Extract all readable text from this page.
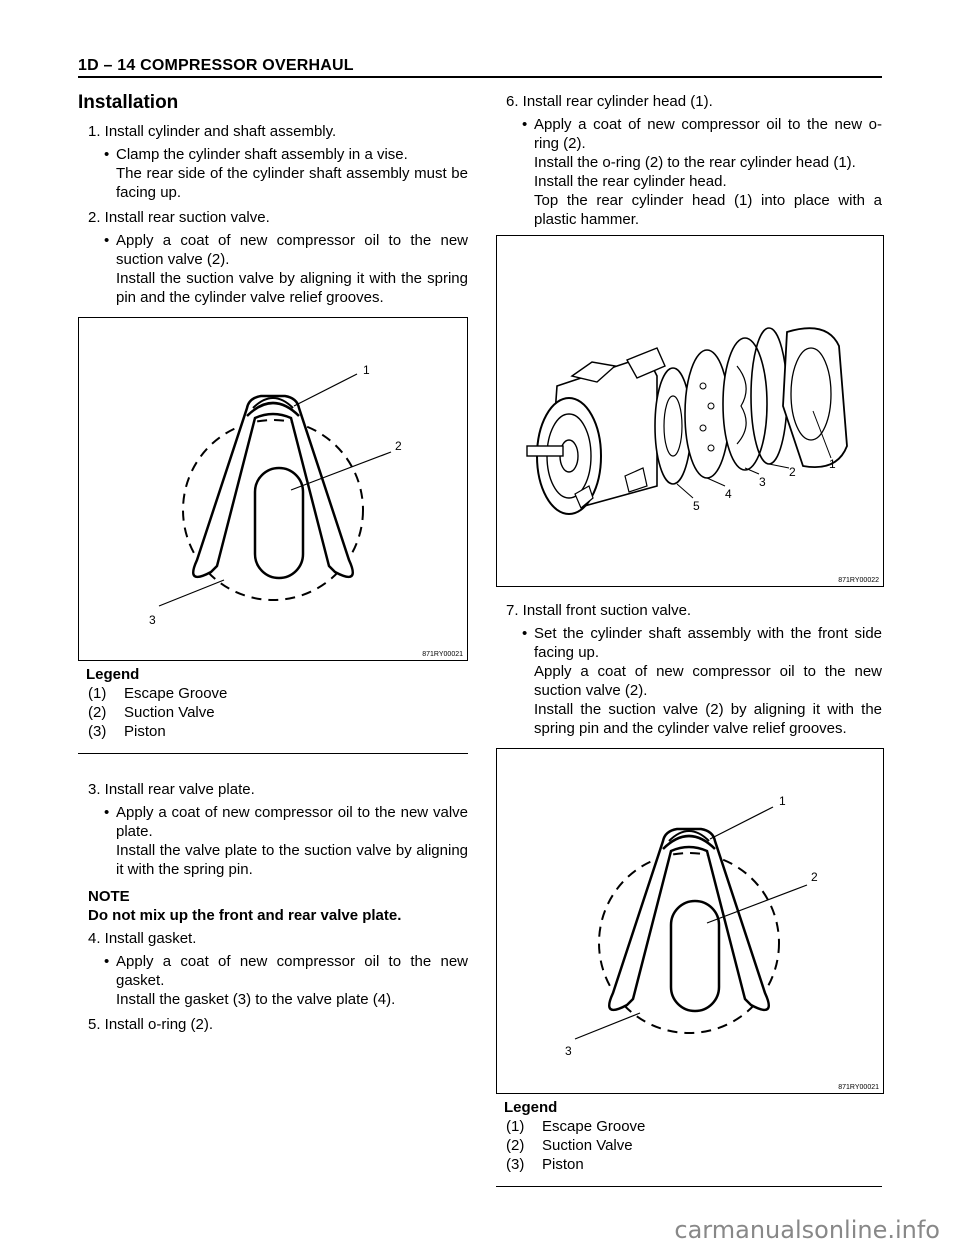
1D – 14 COMPRESSOR OVERHAUL
Installation
1. Install cylinder and shaft assembly.
• Clamp the cylinder shaft assembly in a vise.
The rear side of the cylinder shaft assembly must be facing up.
2. Install rear suction valve.
• Apply a coat of new compressor oil to the new suction valve (2).
Install the suction valve by aligning it with the spring pin and the cylinder valve relief grooves.
1
2
3
871RY00021
Legend
(1)	Escape Groove
(2)	Suction Valve
(3)	Piston
3. Install rear valve plate.
• Apply a coat of new compressor oil to the new valve plate.
Install the valve plate to the suction valve by aligning it with the spring pin.
NOTE
Do not mix up the front and rear valve plate.
4. Install gasket.
• Apply a coat of new compressor oil to the new gasket.
Install the gasket (3) to the valve plate (4).
5. Install o-ring (2).
6. Install rear cylinder head (1).
• Apply a coat of new compressor oil to the new o-ring (2).
Install the o-ring (2) to the rear cylinder head (1).
Install the rear cylinder head.
Top the rear cylinder head (1) into place with a plastic hammer.
1
2
3
4
5
871RY00022
7. Install front suction valve.
• Set the cylinder shaft assembly with the front side facing up.
Apply a coat of new compressor oil to the new suction valve (2).
Install the suction valve (2) by aligning it with the spring pin and the cylinder valve relief grooves.
1
2
3
871RY00021
Legend
(1)	Escape Groove
(2)	Suction Valve
(3)	Piston
carmanualsonline.info
